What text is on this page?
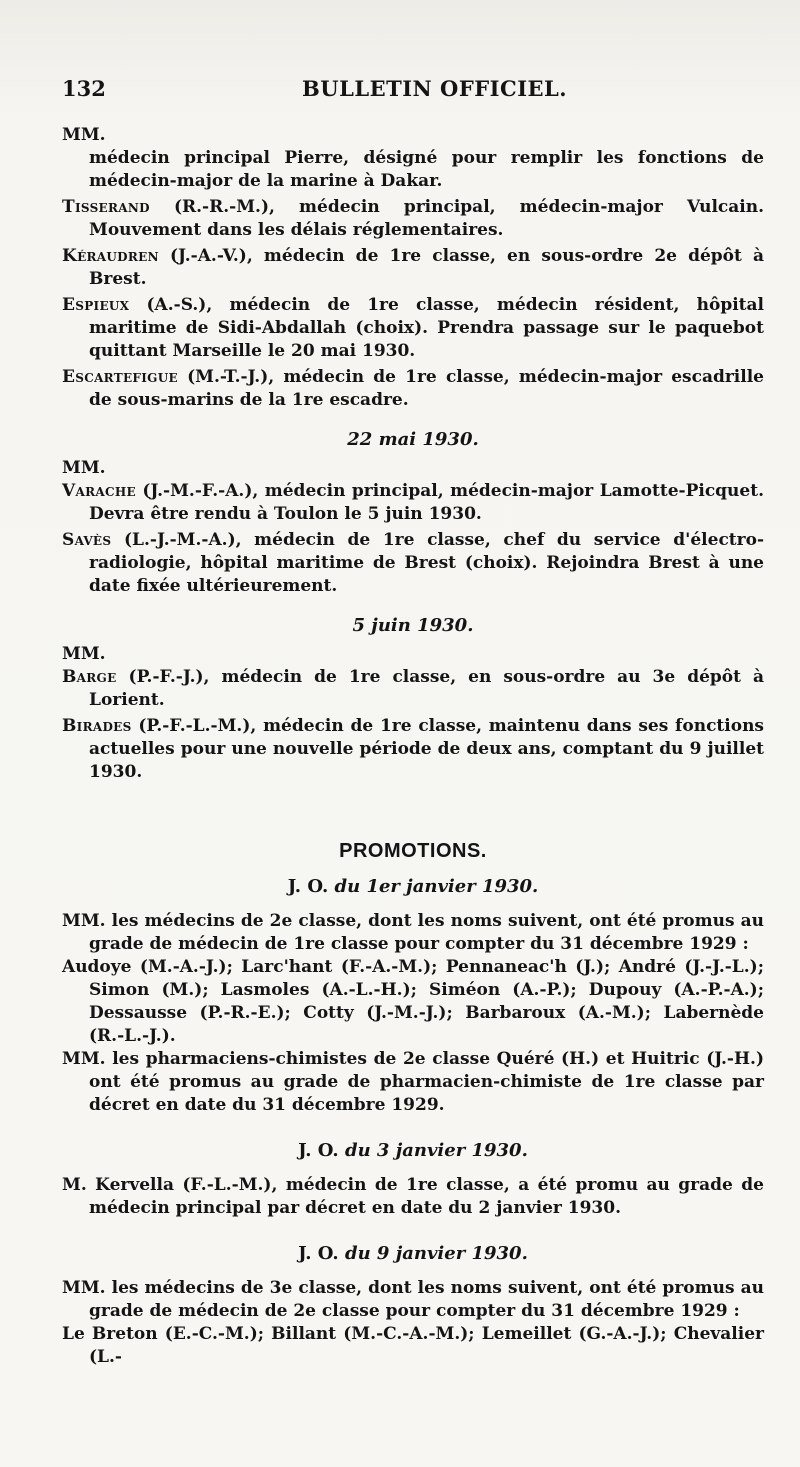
132	BULLETIN OFFICIEL.

MM.

médecin principal Pierre, désigné pour remplir les fonctions de médecin-major de la marine à Dakar.

Tisserand (R.-R.-M.), médecin principal, médecin-major Vulcain. Mouvement dans les délais réglementaires.

Kéraudren (J.-A.-V.), médecin de 1re classe, en sous-ordre 2e dépôt à Brest.

Espieux (A.-S.), médecin de 1re classe, médecin résident, hôpital maritime de Sidi-Abdallah (choix). Prendra passage sur le paquebot quittant Marseille le 20 mai 1930.

Escartefigue (M.-T.-J.), médecin de 1re classe, médecin-major escadrille de sous-marins de la 1re escadre.

22 mai 1930.

MM.

Varache (J.-M.-F.-A.), médecin principal, médecin-major Lamotte-Picquet. Devra être rendu à Toulon le 5 juin 1930.

Savès (L.-J.-M.-A.), médecin de 1re classe, chef du service d'électro-radiologie, hôpital maritime de Brest (choix). Rejoindra Brest à une date fixée ultérieurement.

5 juin 1930.

MM.

Barge (P.-F.-J.), médecin de 1re classe, en sous-ordre au 3e dépôt à Lorient.

Birades (P.-F.-L.-M.), médecin de 1re classe, maintenu dans ses fonctions actuelles pour une nouvelle période de deux ans, comptant du 9 juillet 1930.

PROMOTIONS.

J. O. du 1er janvier 1930.

MM. les médecins de 2e classe, dont les noms suivent, ont été promus au grade de médecin de 1re classe pour compter du 31 décembre 1929 :

Audoye (M.-A.-J.); Larc'hant (F.-A.-M.); Pennaneac'h (J.); André (J.-J.-L.); Simon (M.); Lasmoles (A.-L.-H.); Siméon (A.-P.); Dupouy (A.-P.-A.); Dessausse (P.-R.-E.); Cotty (J.-M.-J.); Barbaroux (A.-M.); Labernède (R.-L.-J.).

MM. les pharmaciens-chimistes de 2e classe Quéré (H.) et Huitric (J.-H.) ont été promus au grade de pharmacien-chimiste de 1re classe par décret en date du 31 décembre 1929.

J. O. du 3 janvier 1930.

M. Kervella (F.-L.-M.), médecin de 1re classe, a été promu au grade de médecin principal par décret en date du 2 janvier 1930.

J. O. du 9 janvier 1930.

MM. les médecins de 3e classe, dont les noms suivent, ont été promus au grade de médecin de 2e classe pour compter du 31 décembre 1929 :

Le Breton (E.-C.-M.); Billant (M.-C.-A.-M.); Lemeillet (G.-A.-J.); Chevalier (L.-
